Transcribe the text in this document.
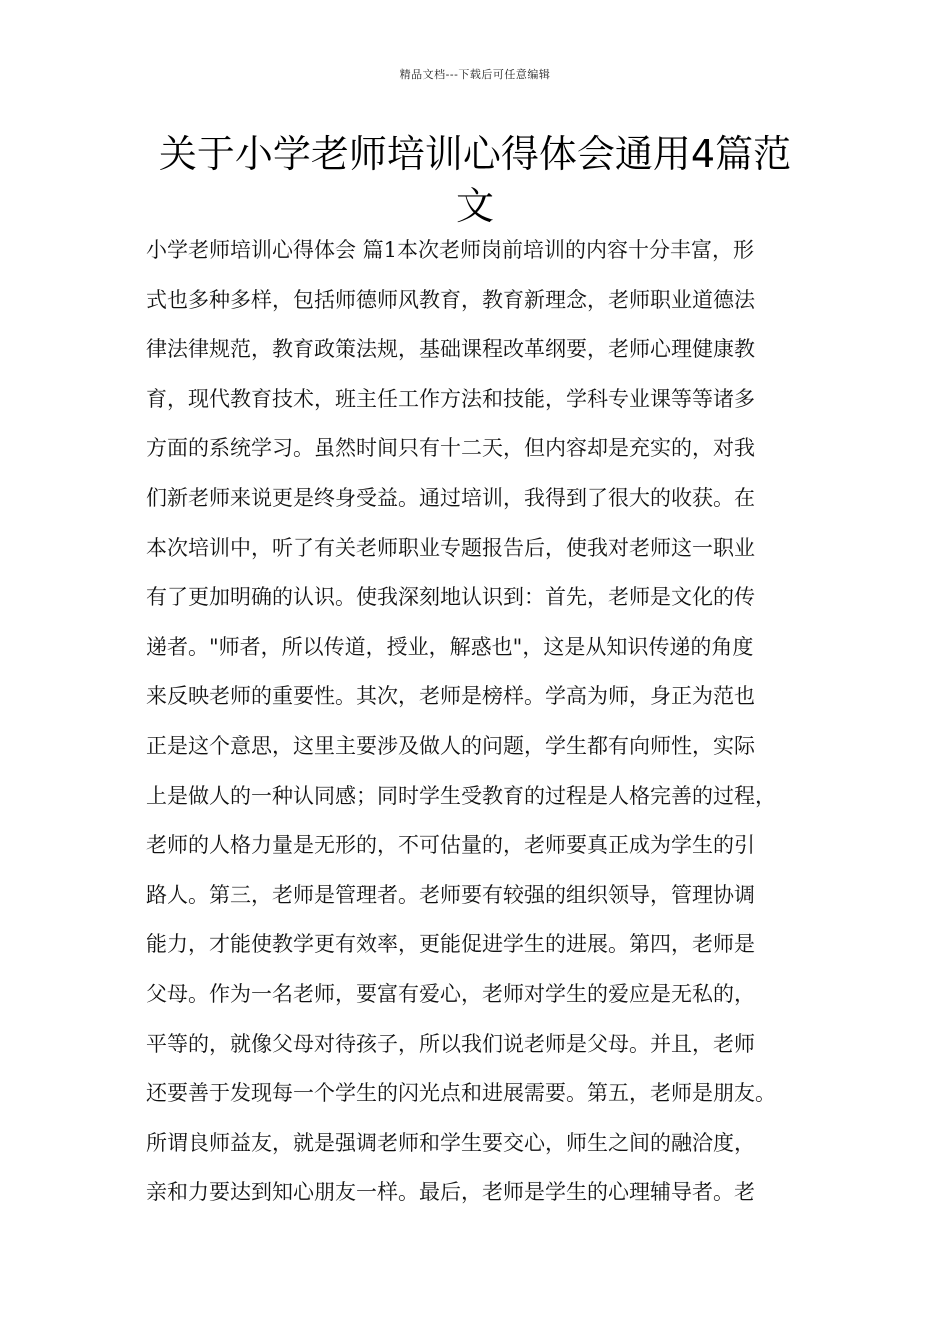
精品文档---下载后可任意编辑
关于小学老师培训心得体会通用4篇范
文
小学老师培训心得体会 篇1本次老师岗前培训的内容十分丰富，形
式也多种多样，包括师德师风教育，教育新理念，老师职业道德法
律法律规范，教育政策法规，基础课程改革纲要，老师心理健康教
育，现代教育技术，班主任工作方法和技能，学科专业课等等诸多
方面的系统学习。虽然时间只有十二天，但内容却是充实的，对我
们新老师来说更是终身受益。通过培训，我得到了很大的收获。在
本次培训中，听了有关老师职业专题报告后，使我对老师这一职业
有了更加明确的认识。使我深刻地认识到：首先，老师是文化的传
递者。"师者，所以传道，授业，解惑也"，这是从知识传递的角度
来反映老师的重要性。其次，老师是榜样。学高为师，身正为范也
正是这个意思，这里主要涉及做人的问题，学生都有向师性，实际
上是做人的一种认同感；同时学生受教育的过程是人格完善的过程，
老师的人格力量是无形的，不可估量的，老师要真正成为学生的引
路人。第三，老师是管理者。老师要有较强的组织领导，管理协调
能力，才能使教学更有效率，更能促进学生的进展。第四，老师是
父母。作为一名老师，要富有爱心，老师对学生的爱应是无私的，
平等的，就像父母对待孩子，所以我们说老师是父母。并且，老师
还要善于发现每一个学生的闪光点和进展需要。第五，老师是朋友。
所谓良师益友，就是强调老师和学生要交心，师生之间的融洽度，
亲和力要达到知心朋友一样。最后，老师是学生的心理辅导者。老
